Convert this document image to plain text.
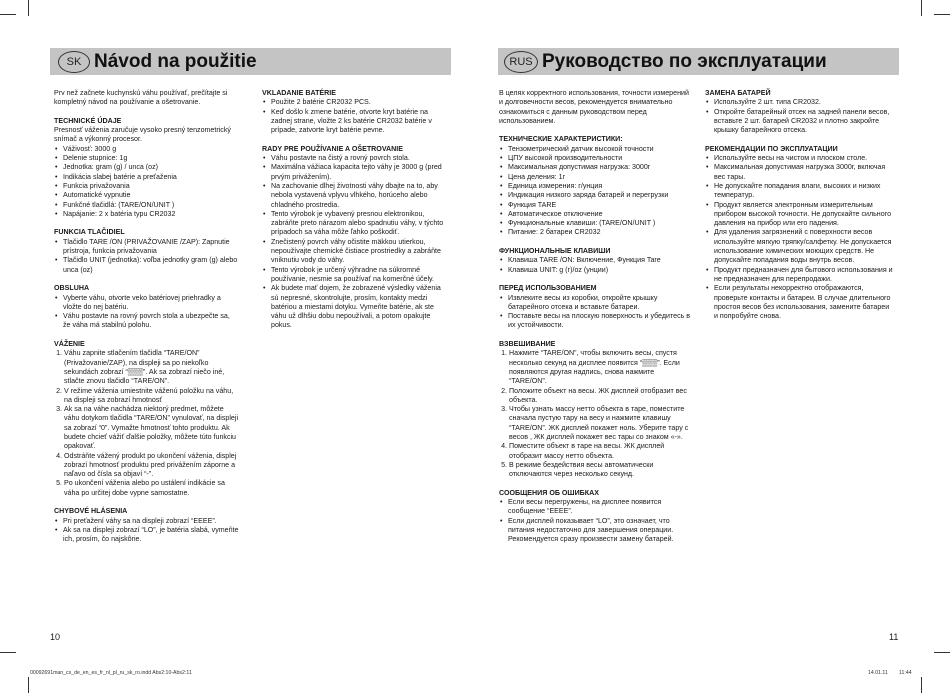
SK Návod na použitie

Prv než začnete kuchynskú váhu používať, prečítajte si kompletný návod na používanie a ošetrovanie.

TECHNICKÉ ÚDAJE

Presnosť váženia zaručuje vysoko presný tenzometrický snímač a výkonný procesor.

• Váživosť: 3000 g
• Delenie stupnice: 1g
• Jednotka: gram (g) / unca (oz)
• Indikácia slabej batérie a preťaženia
• Funkcia privažovania
• Automatické vypnutie
• Funkčné tlačidlá: (TARE/ON/UNIT )
• Napájanie: 2 x batéria typu CR2032
FUNKCIA TLAČIDIEL
• Tlačidlo TARE /ON (PRIVAŽOVANIE /ZAP): Zapnutie prístroja, funkcia privažovania
• Tlačidlo UNIT (jednotka): voľba jednotky gram (g) alebo unca (oz)
OBSLUHA
• Vyberte váhu, otvorte veko batériovej priehradky a vložte do nej batériu.
• Váhu postavte na rovný povrch stola a ubezpečte sa, že váha má stabilnú polohu.
VÁŽENIE
1. Váhu zapnite stlačením tlačidla “TARE/ON” (Privažovanie/ZAP), na displeji sa po niekoľko sekundách zobrazí “▒▒▒”. Ak sa zobrazí niečo iné, stlačte znovu tlačidlo “TARE/ON”.
2. V režime váženia umiestnite váženú položku na váhu, na displeji sa zobrazí hmotnosť
3. Ak sa na váhe nachádza niektorý predmet, môžete váhu dotykom tlačidla “TARE/ON” vynulovať, na displeji sa zobrazí “0”. Vymažte hmotnosť tohto produktu. Ak budete chcieť vážiť ďalšie položky, môžete túto funkciu opakovať.
4. Odstráňte vážený produkt po ukončení váženia, displej zobrazí hmotnosť produktu pred privážením záporne a naľavo od čísla sa objaví “-”.
5. Po ukončení váženia alebo po ustálení indikácie sa váha po určitej dobe vypne samostatne.
CHYBOVÉ HLÁSENIA
• Pri preťažení váhy sa na displeji zobrazí “EEEE”.
• Ak sa na displeji zobrazí “LO”, je batéria slabá, vymeňte ich, prosím, čo najskôrie.
VKLADANIE BATÉRIE
• Použite 2 batérie CR2032 PCS.
• Keď došlo k zmene batérie, otvorte kryt batérie na zadnej strane, vložte 2 ks batérie CR2032 batérie v prípade, zatvorte kryt batérie pevne.
RADY PRE POUŽÍVANIE A OŠETROVANIE
• Váhu postavte na čistý a rovný povrch stola.
• Maximálna vážiaca kapacita tejto váhy je 3000 g (pred prvým privážením).
• Na zachovanie dlhej životnosti váhy dbajte na to, aby nebola vystavená vplyvu vlhkého, horúceho alebo chladného prostredia.
• Tento výrobok je vybavený presnou elektronikou, zabráňte preto nárazom alebo spadnutiu váhy, v týchto prípadoch sa váha môže ľahko poškodiť.
• Znečistený povrch váhy očistite mäkkou utierkou, nepoužívajte chemické čistiace prostriedky a zabráňte vniknutiu vody do váhy.
• Tento výrobok je určený výhradne na súkromné používanie, nesmie sa používať na komerčné účely.
• Ak budete mať dojem, že zobrazené výsledky váženia sú nepresné, skontrolujte, prosím, kontakty medzi batériou a miestami dotyku. Vymeňte batérie, ak ste váhu už dlhšiu dobu nepoužívali, a potom opakujte pokus.
10
RUS Руководство по эксплуатации

В целях корректного использования, точности измерений и долговечности весов, рекомендуется внимательно ознакомиться с данным руководством перед использованием.

ТЕХНИЧЕСКИЕ ХАРАКТЕРИСТИКИ:
• Тензометрический датчик высокой точности
• ЦПУ высокой производительности
• Максимальная допустимая нагрузка: 3000г
• Цена деления: 1г
• Единица измерения: г/унция
• Индикация низкого заряда батарей и перегрузки
• Функция TARE
• Автоматическое отключение
• Функциональные клавиши: (TARE/ON/UNIT )
• Питание: 2 батареи CR2032
ФУНКЦИОНАЛЬНЫЕ КЛАВИШИ
• Клавиша TARE /ON: Включение, Функция Tare
• Клавиша UNIT: g (г)/oz (унции)
ПЕРЕД ИСПОЛЬЗОВАНИЕМ
• Извлеките весы из коробки, откройте крышку батарейного отсека и вставьте батареи.
• Поставьте весы на плоскую поверхность и убедитесь в их устойчивости.
ВЗВЕШИВАНИЕ
1. Нажмите “TARE/ON”, чтобы включить весы, спустя несколько секунд на дисплее появится “▒▒▒”. Если появляются другая надпись, снова нажмите “TARE/ON”.
2. Положите объект на весы. ЖК дисплей отобразит вес объекта.
3. Чтобы узнать массу нетто объекта в таре, поместите сначала пустую тару на весу и нажмите клавишу “TARE/ON”. ЖК дисплей покажет ноль. Уберите тару с весов , ЖК дисплей покажет вес тары со знаком «-».
4. Поместите объект в таре на весы. ЖК дисплей отобразит массу нетто объекта.
5. В режиме бездействия весы автоматически отключаются через несколько секунд.
СООБЩЕНИЯ ОБ ОШИБКАХ
• Если весы перегружены, на дисплее появится сообщение “EEEE”.
• Если дисплей показывает “LO”, это означает, что питания недостаточно для завершения операции. Рекомендуется сразу произвести замену батарей.
ЗАМЕНА БАТАРЕЙ
• Используйте 2 шт. типа CR2032.
• Откройте батарейный отсек на задней панели весов, вставьте 2 шт. батарей CR2032 и плотно закройте крышку батарейного отсека.
РЕКОМЕНДАЦИИ ПО ЭКСПЛУАТАЦИИ
• Используйте весы на чистом и плоском столе.
• Максимальная допустимая нагрузка 3000г, включая вес тары.
• Не допускайте попадания влаги, высоких и низких температур.
• Продукт является электронным измерительным прибором высокой точности. Не допускайте сильного давления на прибор или его падения.
• Для удаления загрязнений с поверхности весов используйте мягкую тряпку/салфетку. Не допускается использование химических моющих средств. Не допускайте попадания воды внутрь весов.
• Продукт предназначен для бытового использования и не предназначен для перепродажи.
• Если результаты некорректно отображаются, проверьте контакты и батареи. В случае длительного простоя весов без использования, замените батареи и попробуйте снова.
11
00092691man_cs_de_en_es_fr_nl_pl_ru_sk_ro.indd Abs2:10-Abs2:11	14.01.11 11:44
